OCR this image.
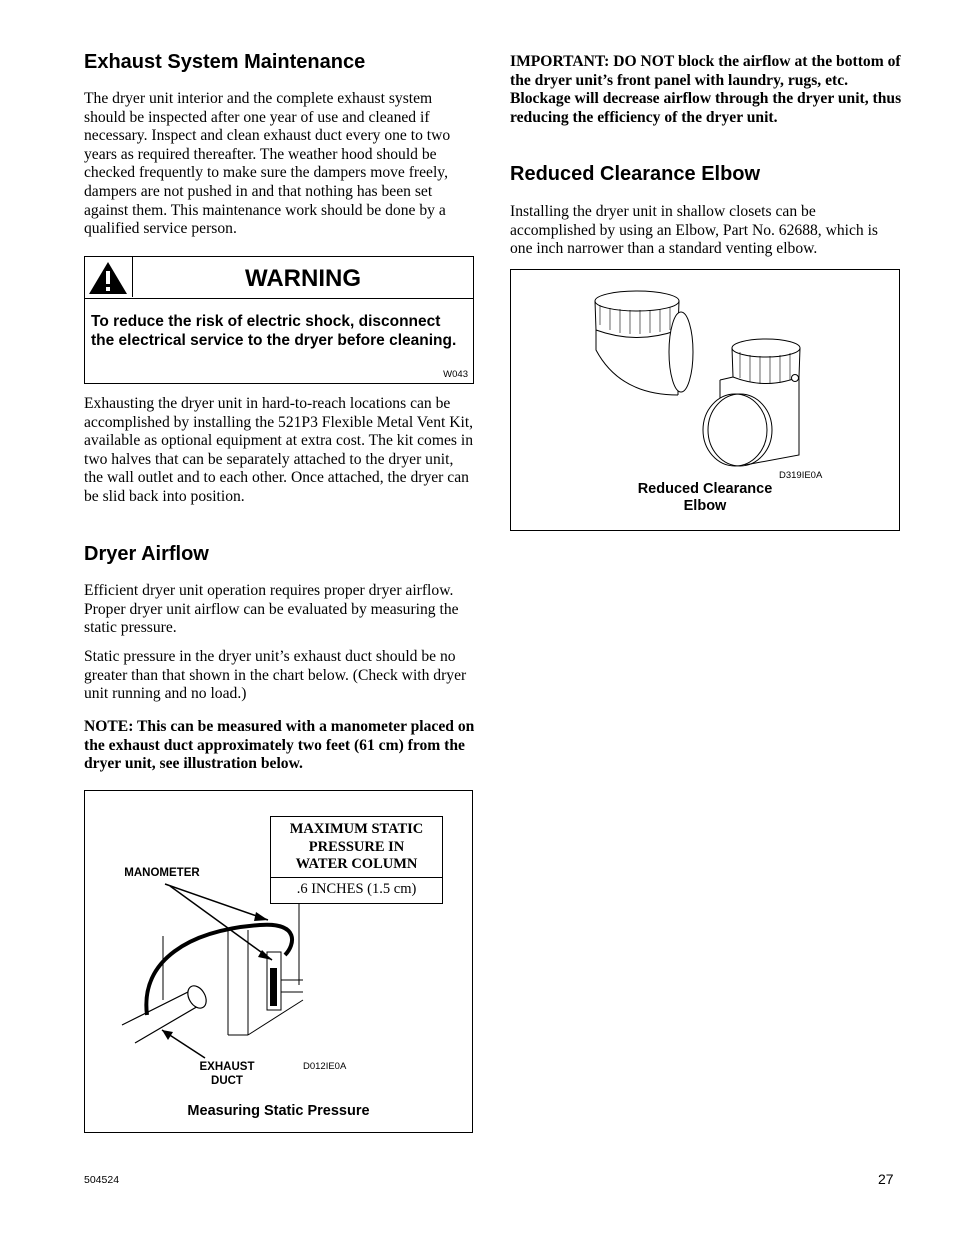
Exhaust System Maintenance

The dryer unit interior and the complete exhaust system should be inspected after one year of use and cleaned if necessary. Inspect and clean exhaust duct every one to two years as required thereafter. The weather hood should be checked frequently to make sure the dampers move freely, dampers are not pushed in and that nothing has been set against them. This maintenance work should be done by a qualified service person.

WARNING
To reduce the risk of electric shock, disconnect the electrical service to the dryer before cleaning.
W043

Exhausting the dryer unit in hard-to-reach locations can be accomplished by installing the 521P3 Flexible Metal Vent Kit, available as optional equipment at extra cost. The kit comes in two halves that can be separately attached to the dryer unit, the wall outlet and to each other. Once attached, the dryer can be slid back into position.

Dryer Airflow

Efficient dryer unit operation requires proper dryer airflow. Proper dryer unit airflow can be evaluated by measuring the static pressure.

Static pressure in the dryer unit’s exhaust duct should be no greater than that shown in the chart below. (Check with dryer unit running and no load.)

NOTE: This can be measured with a manometer placed on the exhaust duct approximately two feet (61 cm) from the dryer unit, see illustration below.

MANOMETER
EXHAUST
DUCT
D012IE0A
MAXIMUM STATIC
PRESSURE IN
WATER COLUMN
.6 INCHES (1.5 cm)
Measuring Static Pressure

IMPORTANT: DO NOT block the airflow at the bottom of the dryer unit’s front panel with laundry, rugs, etc. Blockage will decrease airflow through the dryer unit, thus reducing the efficiency of the dryer unit.

Reduced Clearance Elbow

Installing the dryer unit in shallow closets can be accomplished by using an Elbow, Part No. 62688, which is one inch narrower than a standard venting elbow.

D319IE0A
Reduced Clearance
Elbow
504524	27
